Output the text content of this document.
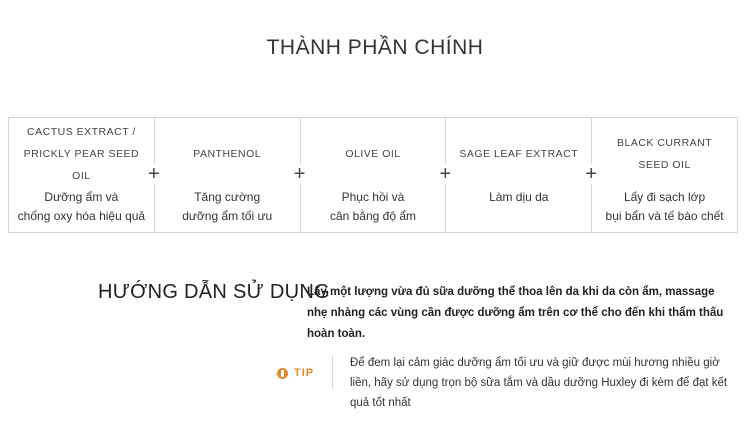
THÀNH PHẦN CHÍNH
CACTUS EXTRACT /
PRICKLY PEAR SEED OIL
Dưỡng ẩm và
chống oxy hóa hiệu quả
+
PANTHENOL
Tăng cường
dưỡng ẩm tối ưu
+
OLIVE OIL
Phục hồi và
cân bằng độ ẩm
+
SAGE LEAF EXTRACT
Làm dịu da
+
BLACK CURRANT
SEED OIL
Lấy đi sạch lớp
bụi bẩn và tế bào chết
HƯỚNG DẪN SỬ DỤNG
Lấy một lượng vừa đủ sữa dưỡng thể thoa lên da khi da còn ẩm, massage nhẹ nhàng các vùng cần được dưỡng ẩm trên cơ thể cho đến khi thẩm thấu hoàn toàn.
TIP
Để đem lại cảm giác dưỡng ẩm tối ưu và giữ được mùi hương nhiều giờ liền, hãy sử dụng trọn bộ sữa tắm và dầu dưỡng Huxley đi kèm để đạt kết quả tốt nhất
